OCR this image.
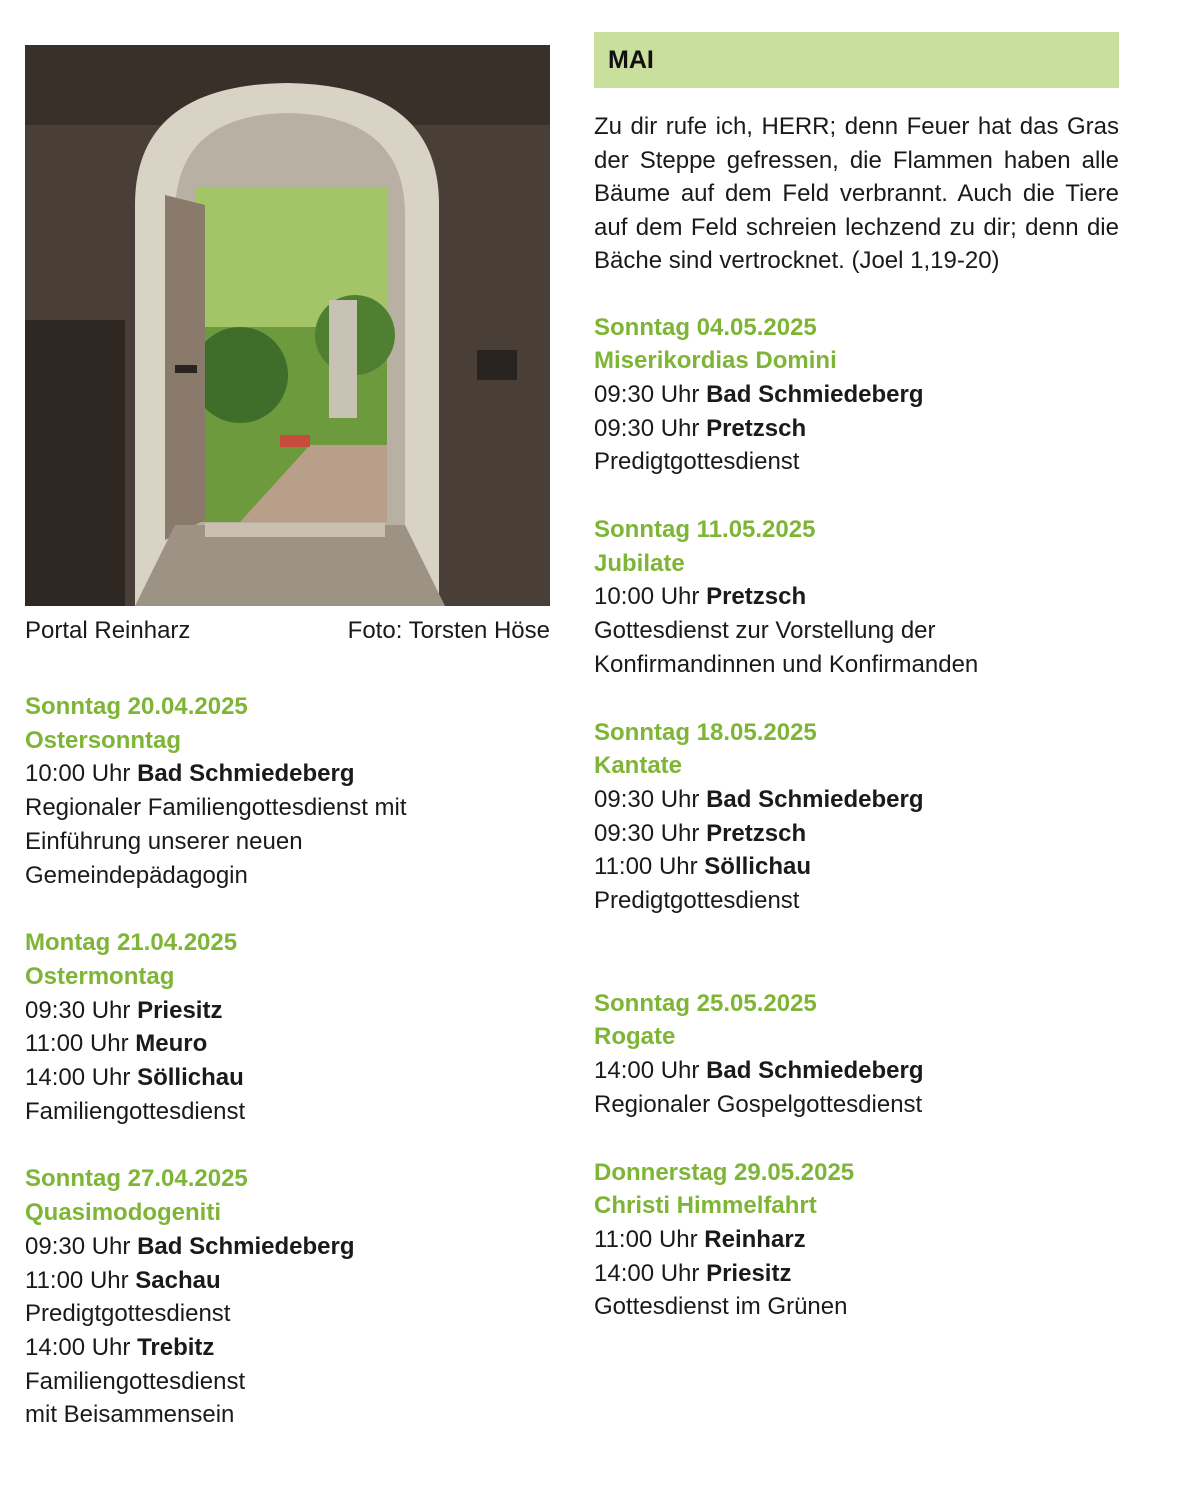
Portal Reinharz	Foto: Torsten Höse
Sonntag 20.04.2025
Ostersonntag
10:00 Uhr Bad Schmiedeberg
Regionaler Familiengottesdienst mit
Einführung unserer neuen
Gemeindepädagogin
Montag 21.04.2025
Ostermontag
09:30 Uhr Priesitz
11:00 Uhr Meuro
14:00 Uhr Söllichau
Familiengottesdienst
Sonntag 27.04.2025
Quasimodogeniti
09:30 Uhr Bad Schmiedeberg
11:00 Uhr Sachau
Predigtgottesdienst
14:00 Uhr Trebitz
Familiengottesdienst
mit Beisammensein
MAI
Zu dir rufe ich, HERR; denn Feuer hat das Gras der Steppe gefressen, die Flammen haben alle Bäume auf dem Feld verbrannt. Auch die Tiere auf dem Feld schreien lechzend zu dir; denn die Bäche sind vertrocknet. (Joel 1,19-20)
Sonntag 04.05.2025
Miserikordias Domini
09:30 Uhr Bad Schmiedeberg
09:30 Uhr Pretzsch
Predigtgottesdienst
Sonntag 11.05.2025
Jubilate
10:00 Uhr Pretzsch
Gottesdienst zur Vorstellung der
Konfirmandinnen und Konfirmanden
Sonntag 18.05.2025
Kantate
09:30 Uhr Bad Schmiedeberg
09:30 Uhr Pretzsch
11:00 Uhr Söllichau
Predigtgottesdienst
Sonntag 25.05.2025
Rogate
14:00 Uhr Bad Schmiedeberg
Regionaler Gospelgottesdienst
Donnerstag 29.05.2025
Christi Himmelfahrt
11:00 Uhr Reinharz
14:00 Uhr Priesitz
Gottesdienst im Grünen
